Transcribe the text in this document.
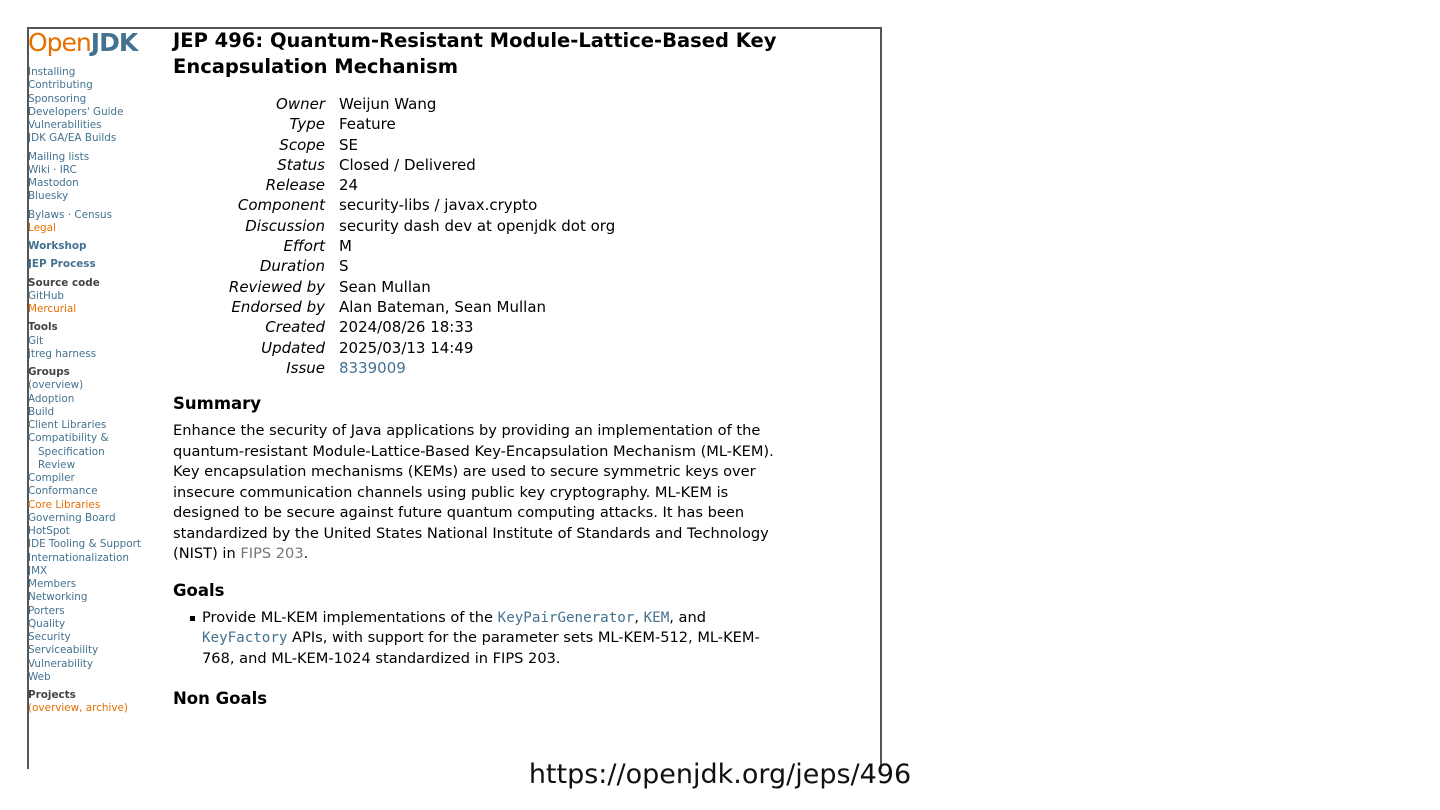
OpenJDK
Installing
Contributing
Sponsoring
Developers' Guide
Vulnerabilities
JDK GA/EA Builds
Mailing lists
Wiki · IRC
Mastodon
Bluesky
Bylaws · Census
Legal
Workshop
JEP Process
Source code
GitHub
Mercurial
Tools
Git
jtreg harness
Groups
(overview)
Adoption
Build
Client Libraries
Compatibility &
Specification
Review
Compiler
Conformance
Core Libraries
Governing Board
HotSpot
IDE Tooling & Support
Internationalization
JMX
Members
Networking
Porters
Quality
Security
Serviceability
Vulnerability
Web
Projects
(overview, archive)
JEP 496: Quantum-Resistant Module-Lattice-Based Key Encapsulation Mechanism
Owner	Weijun Wang
Type	Feature
Scope	SE
Status	Closed / Delivered
Release	24
Component	security-libs / javax.crypto
Discussion	security dash dev at openjdk dot org
Effort	M
Duration	S
Reviewed by	Sean Mullan
Endorsed by	Alan Bateman, Sean Mullan
Created	2024/08/26 18:33
Updated	2025/03/13 14:49
Issue	8339009
Summary

Enhance the security of Java applications by providing an implementation of the quantum-resistant Module-Lattice-Based Key-Encapsulation Mechanism (ML-KEM). Key encapsulation mechanisms (KEMs) are used to secure symmetric keys over insecure communication channels using public key cryptography. ML-KEM is designed to be secure against future quantum computing attacks. It has been standardized by the United States National Institute of Standards and Technology (NIST) in FIPS 203.

Goals
Provide ML-KEM implementations of the KeyPairGenerator, KEM, and KeyFactory APIs, with support for the parameter sets ML-KEM-512, ML-KEM-768, and ML-KEM-1024 standardized in FIPS 203.
Non Goals
https://openjdk.org/jeps/496
